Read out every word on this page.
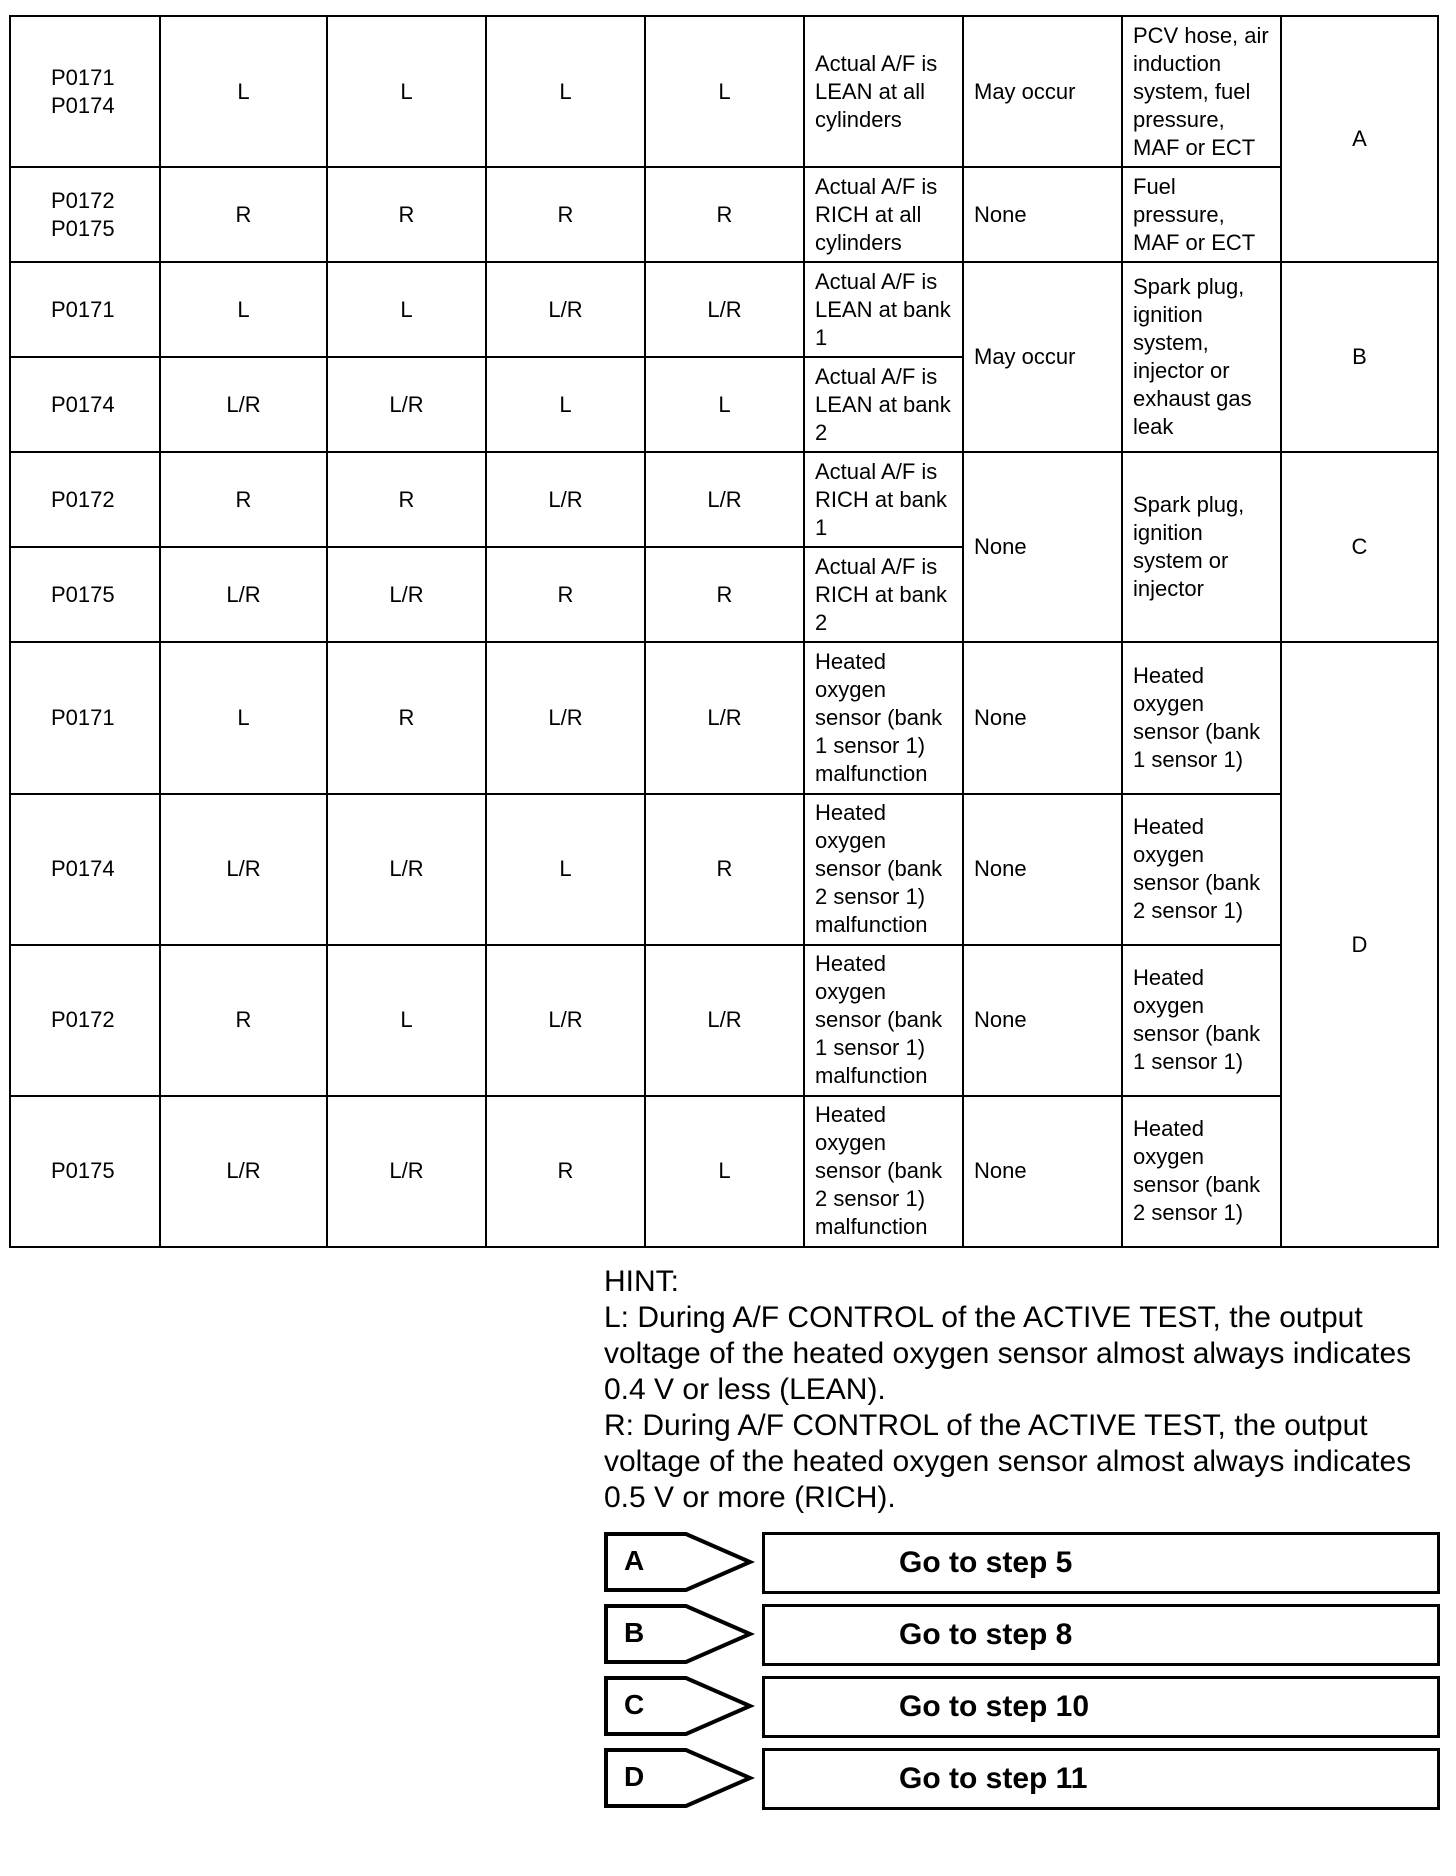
P0171
P0174	L	L	L	L	Actual A/F is LEAN at all cylinders	May occur	PCV hose, air induction system, fuel pressure, MAF or ECT	A

P0172
P0175	R	R	R	R	Actual A/F is RICH at all cylinders	None	Fuel pressure, MAF or ECT	
P0171	L	L	L/R	L/R	Actual A/F is LEAN at bank 1	May occur	Spark plug, ignition system, injector or exhaust gas leak	B
P0174	L/R	L/R	L	L	Actual A/F is LEAN at bank 2			
P0172	R	R	L/R	L/R	Actual A/F is RICH at bank 1	None	Spark plug, ignition system or injector	C
P0175	L/R	L/R	R	R	Actual A/F is RICH at bank 2			
P0171	L	R	L/R	L/R	Heated oxygen sensor (bank 1 sensor 1) malfunction	None	Heated oxygen sensor (bank 1 sensor 1)	D
P0174	L/R	L/R	L	R	Heated oxygen sensor (bank 2 sensor 1) malfunction	None	Heated oxygen sensor (bank 2 sensor 1)	
P0172	R	L	L/R	L/R	Heated oxygen sensor (bank 1 sensor 1) malfunction	None	Heated oxygen sensor (bank 1 sensor 1)	
P0175	L/R	L/R	R	L	Heated oxygen sensor (bank 2 sensor 1) malfunction	None	Heated oxygen sensor (bank 2 sensor 1)	
HINT:
L: During A/F CONTROL of the ACTIVE TEST, the output voltage of the heated oxygen sensor almost always indicates 0.4 V or less (LEAN).
R: During A/F CONTROL of the ACTIVE TEST, the output voltage of the heated oxygen sensor almost always indicates 0.5 V or more (RICH).
A	Go to step 5
B	Go to step 8
C	Go to step 10
D	Go to step 11
